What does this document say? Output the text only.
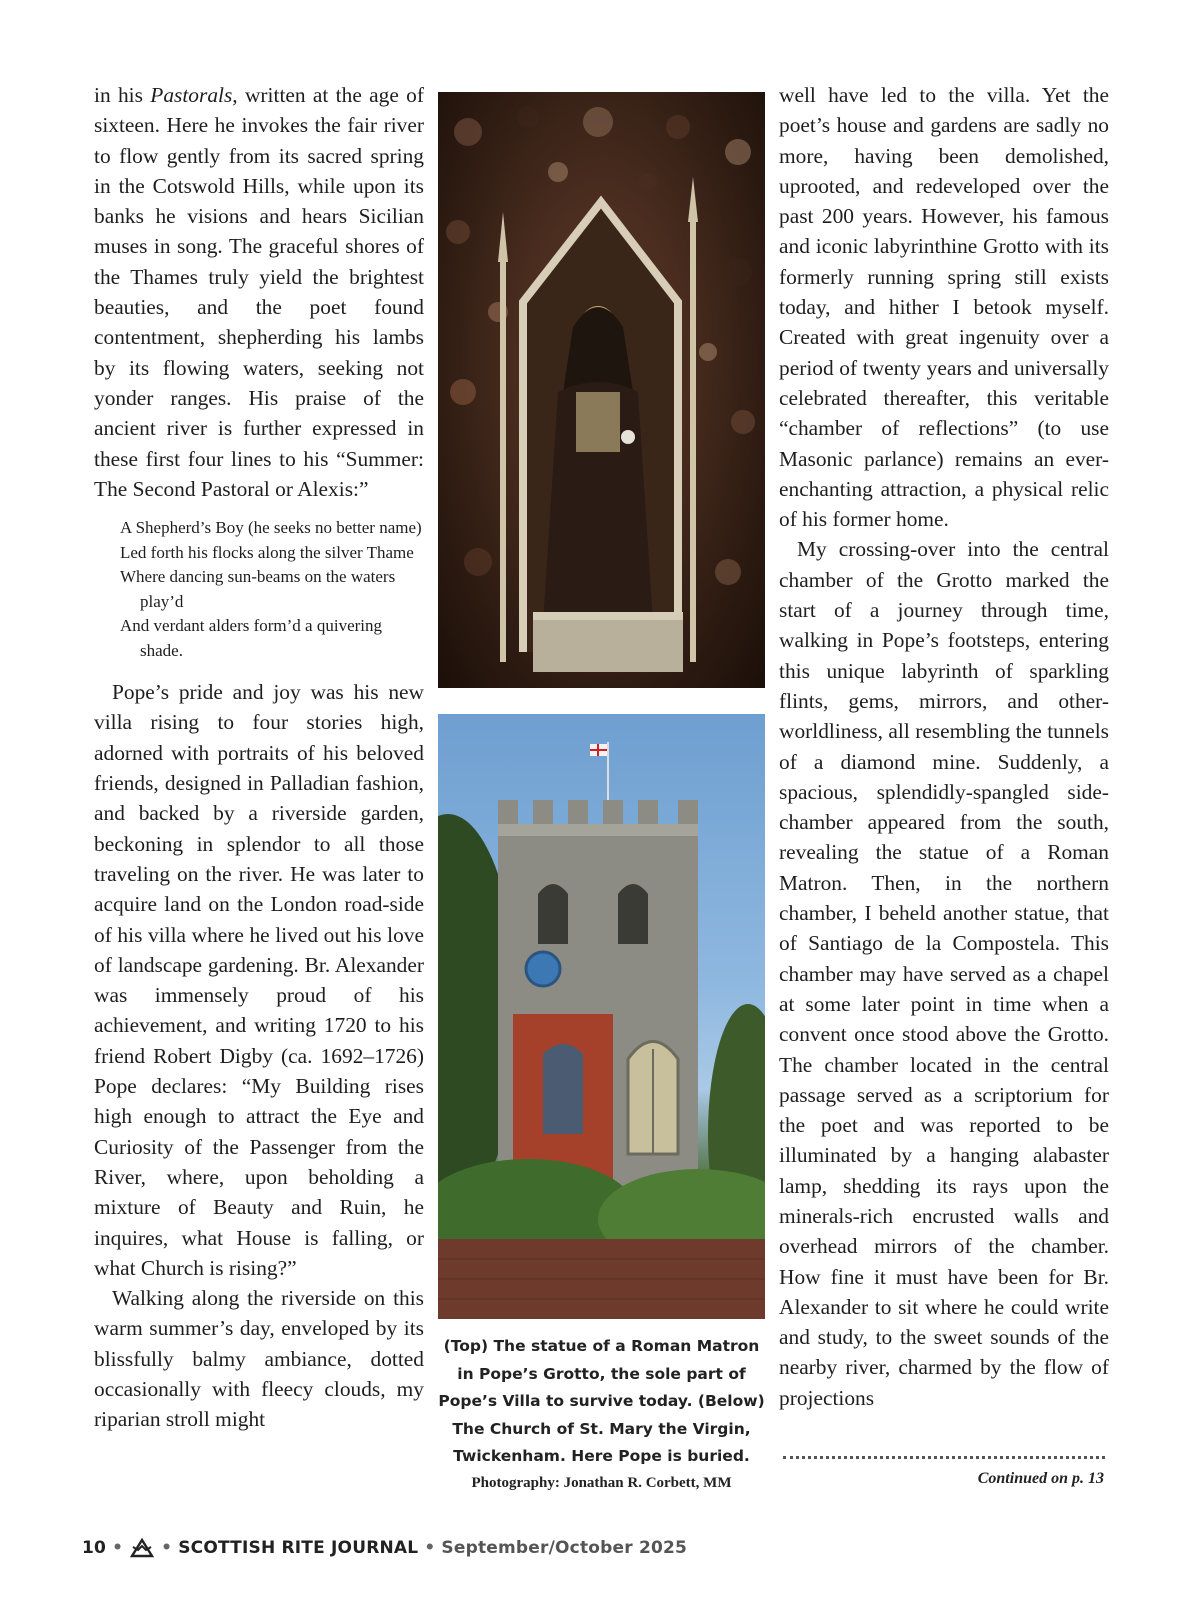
in his Pastorals, written at the age of sixteen. Here he invokes the fair river to flow gently from its sacred spring in the Cotswold Hills, while upon its banks he visions and hears Sicilian muses in song. The graceful shores of the Thames truly yield the brightest beauties, and the poet found contentment, shepherding his lambs by its flowing waters, seeking not yonder ranges. His praise of the ancient river is further expressed in these first four lines to his “Summer: The Second Pastoral or Alexis:”

A Shepherd’s Boy (he seeks no better name)
Led forth his flocks along the silver Thame
Where dancing sun-beams on the waters play’d
And verdant alders form’d a quivering shade.

Pope’s pride and joy was his new villa rising to four stories high, adorned with portraits of his beloved friends, designed in Palladian fashion, and backed by a riverside garden, beckoning in splendor to all those traveling on the river. He was later to acquire land on the London road-side of his villa where he lived out his love of landscape gardening. Br. Alexander was immensely proud of his achievement, and writing 1720 to his friend Robert Digby (ca. 1692–1726) Pope declares: “My Building rises high enough to attract the Eye and Curiosity of the Passenger from the River, where, upon beholding a mixture of Beauty and Ruin, he inquires, what House is falling, or what Church is rising?”

Walking along the riverside on this warm summer’s day, enveloped by its blissfully balmy ambiance, dotted occasionally with fleecy clouds, my riparian stroll might

(Top) The statue of a Roman Matron in Pope’s Grotto, the sole part of Pope’s Villa to survive today. (Below) The Church of St. Mary the Virgin, Twickenham. Here Pope is buried.
Photography: Jonathan R. Corbett, MM

well have led to the villa. Yet the poet’s house and gardens are sadly no more, having been demolished, uprooted, and redeveloped over the past 200 years. However, his famous and iconic labyrinthine Grotto with its formerly running spring still exists today, and hither I betook myself. Created with great ingenuity over a period of twenty years and universally celebrated thereafter, this veritable “chamber of reflections” (to use Masonic parlance) remains an ever-enchanting attraction, a physical relic of his former home.

My crossing-over into the central chamber of the Grotto marked the start of a journey through time, walking in Pope’s footsteps, entering this unique labyrinth of sparkling flints, gems, mirrors, and other-worldliness, all resembling the tunnels of a diamond mine. Suddenly, a spacious, splendidly-spangled side-chamber appeared from the south, revealing the statue of a Roman Matron. Then, in the northern chamber, I beheld another statue, that of Santiago de la Compostela. This chamber may have served as a chapel at some later point in time when a convent once stood above the Grotto. The chamber located in the central passage served as a scriptorium for the poet and was reported to be illuminated by a hanging alabaster lamp, shedding its rays upon the minerals-rich encrusted walls and overhead mirrors of the chamber. How fine it must have been for Br. Alexander to sit where he could write and study, to the sweet sounds of the nearby river, charmed by the flow of projections

Continued on p. 13
10 • • SCOTTISH RITE JOURNAL • September/October 2025
